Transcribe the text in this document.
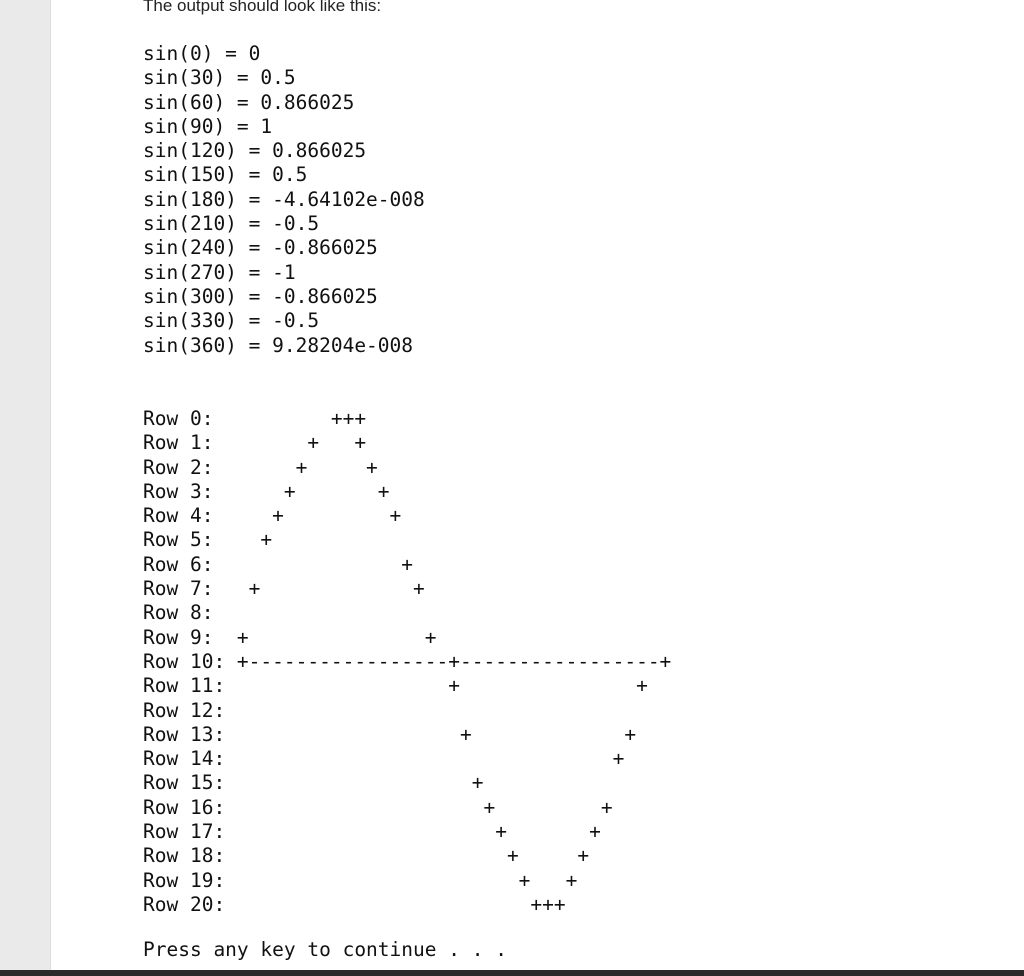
The output should look like this:
sin(0) = 0
sin(30) = 0.5
sin(60) = 0.866025
sin(90) = 1
sin(120) = 0.866025
sin(150) = 0.5
sin(180) = -4.64102e-008
sin(210) = -0.5
sin(240) = -0.866025
sin(270) = -1
sin(300) = -0.866025
sin(330) = -0.5
sin(360) = 9.28204e-008
Row 0:          +++
Row 1:        +   +
Row 2:       +     +
Row 3:      +       +
Row 4:     +         +
Row 5:    +
Row 6:                +
Row 7:   +             +
Row 8:
Row 9:  +               +
Row 10: +-----------------+-----------------+
Row 11:                   +               +
Row 12:
Row 13:                    +             +
Row 14:                                 +
Row 15:                     +
Row 16:                      +         +
Row 17:                       +       +
Row 18:                        +     +
Row 19:                         +   +
Row 20:                          +++
Press any key to continue . . .
